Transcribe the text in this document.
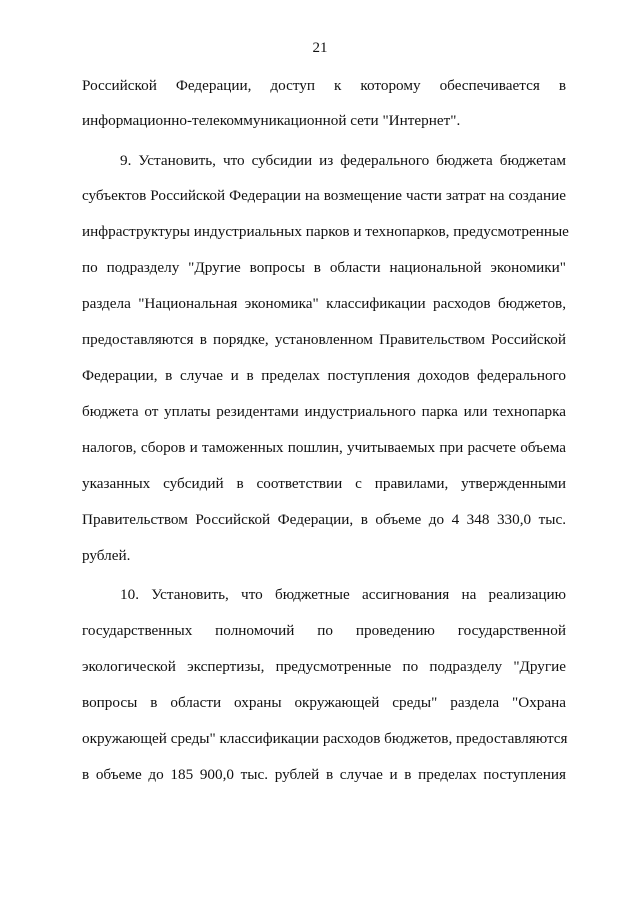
21
Российской Федерации, доступ к которому обеспечивается в
информационно-телекоммуникационной сети "Интернет".
9. Установить, что субсидии из федерального бюджета бюджетам
субъектов Российской Федерации на возмещение части затрат на создание
инфраструктуры индустриальных парков и технопарков, предусмотренные
по подразделу "Другие вопросы в области национальной экономики"
раздела "Национальная экономика" классификации расходов бюджетов,
предоставляются в порядке, установленном Правительством Российской
Федерации, в случае и в пределах поступления доходов федерального
бюджета от уплаты резидентами индустриального парка или технопарка
налогов, сборов и таможенных пошлин, учитываемых при расчете объема
указанных субсидий в соответствии с правилами, утвержденными
Правительством Российской Федерации, в объеме до 4 348 330,0 тыс.
рублей.
10. Установить, что бюджетные ассигнования на реализацию
государственных полномочий по проведению государственной
экологической экспертизы, предусмотренные по подразделу "Другие
вопросы в области охраны окружающей среды" раздела "Охрана
окружающей среды" классификации расходов бюджетов, предоставляются
в объеме до 185 900,0 тыс. рублей в случае и в пределах поступления
